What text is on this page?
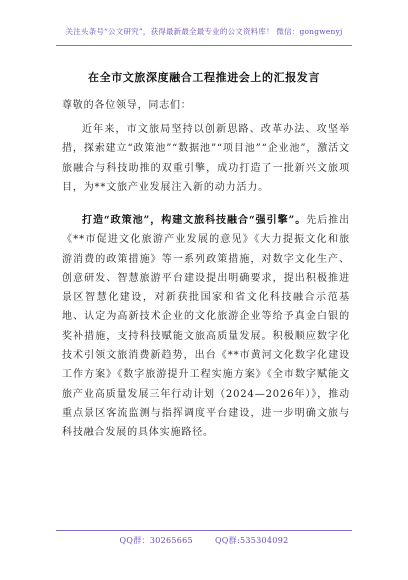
关注头条号“公文研究”，获得最新最全最专业的公文资料库！ 微信：gongwenyj
在全市文旅深度融合工程推进会上的汇报发言
尊敬的各位领导，同志们：

近年来，市文旅局坚持以创新思路、改革办法、攻坚举措，探索建立“政策池”“数据池”“项目池”“企业池”，激活文旅融合与科技助推的双重引擎，成功打造了一批新兴文旅项目，为**文旅产业发展注入新的动力活力。

打造“政策池”，构建文旅科技融合“强引擎”。先后推出《**市促进文化旅游产业发展的意见》《大力提振文化和旅游消费的政策措施》等一系列政策措施，对数字文化生产、创意研发、智慧旅游平台建设提出明确要求，提出积极推进景区智慧化建设，对新获批国家和省文化科技融合示范基地、认定为高新技术企业的文化旅游企业等给予真金白银的奖补措施，支持科技赋能文旅高质量发展。积极顺应数字化技术引领文旅消费新趋势，出台《**市黄河文化数字化建设工作方案》《数字旅游提升工程实施方案》《全市数字赋能文旅产业高质量发展三年行动计划（2024—2026年）》，推动重点景区客流监测与指挥调度平台建设，进一步明确文旅与科技融合发展的具体实施路径。

QQ群：30265665	QQ群:535304092
